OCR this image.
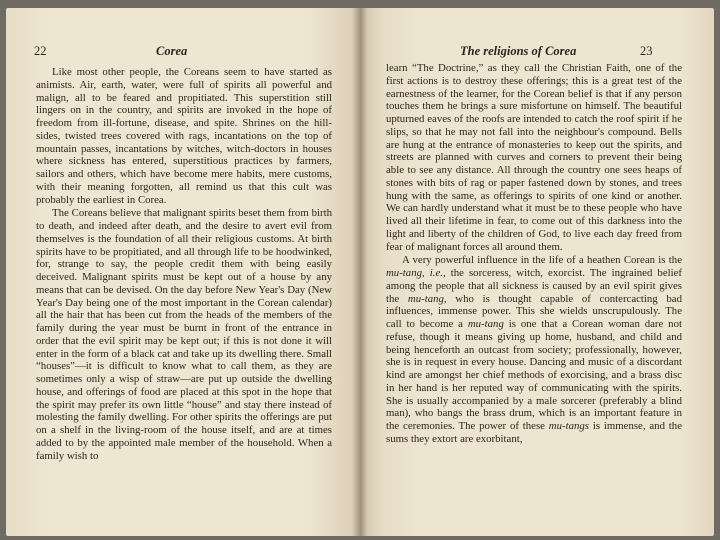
22	Corea

Like most other people, the Coreans seem to have started as animists. Air, earth, water, were full of spirits all powerful and malign, all to be feared and propitiated. This superstition still lingers on in the country, and spirits are invoked in the hope of freedom from ill-fortune, disease, and spite. Shrines on the hill-sides, twisted trees covered with rags, incantations on the top of mountain passes, incantations by witches, witch-doctors in houses where sickness has entered, superstitious practices by farmers, sailors and others, which have become mere habits, mere customs, with their meaning forgotten, all remind us that this cult was probably the earliest in Corea.

The Coreans believe that malignant spirits beset them from birth to death, and indeed after death, and the desire to avert evil from themselves is the foundation of all their religious customs. At birth spirits have to be propitiated, and all through life to be hoodwinked, for, strange to say, the people credit them with being easily deceived. Malignant spirits must be kept out of a house by any means that can be devised. On the day before New Year's Day (New Year's Day being one of the most important in the Corean calendar) all the hair that has been cut from the heads of the members of the family during the year must be burnt in front of the entrance in order that the evil spirit may be kept out; if this is not done it will enter in the form of a black cat and take up its dwelling there. Small “houses”—it is difficult to know what to call them, as they are sometimes only a wisp of straw—are put up outside the dwelling house, and offerings of food are placed at this spot in the hope that the spirit may prefer its own little “house” and stay there instead of molesting the family dwelling. For other spirits the offerings are put on a shelf in the living-room of the house itself, and are at times added to by the appointed male member of the household. When a family wish to

The religions of Corea	23

learn “The Doctrine,” as they call the Christian Faith, one of the first actions is to destroy these offerings; this is a great test of the earnestness of the learner, for the Corean belief is that if any person touches them he brings a sure misfortune on himself. The beautiful upturned eaves of the roofs are intended to catch the roof spirit if he slips, so that he may not fall into the neighbour's compound. Bells are hung at the entrance of monasteries to keep out the spirits, and streets are planned with curves and corners to prevent their being able to see any distance. All through the country one sees heaps of stones with bits of rag or paper fastened down by stones, and trees hung with the same, as offerings to spirits of one kind or another. We can hardly understand what it must be to these people who have lived all their lifetime in fear, to come out of this darkness into the light and liberty of the children of God, to live each day freed from fear of malignant forces all around them.

A very powerful influence in the life of a heathen Corean is the mu-tang, i.e., the sorceress, witch, exorcist. The ingrained belief among the people that all sickness is caused by an evil spirit gives the mu-tang, who is thought capable of contercacting bad influences, immense power. This she wields unscrupulously. The call to become a mu-tang is one that a Corean woman dare not refuse, though it means giving up home, husband, and child and being henceforth an outcast from society; professionally, however, she is in request in every house. Dancing and music of a discordant kind are amongst her chief methods of exorcising, and a brass disc in her hand is her reputed way of communicating with the spirits. She is usually accompanied by a male sorcerer (preferably a blind man), who bangs the brass drum, which is an important feature in the ceremonies. The power of these mu-tangs is immense, and the sums they extort are exorbitant,
